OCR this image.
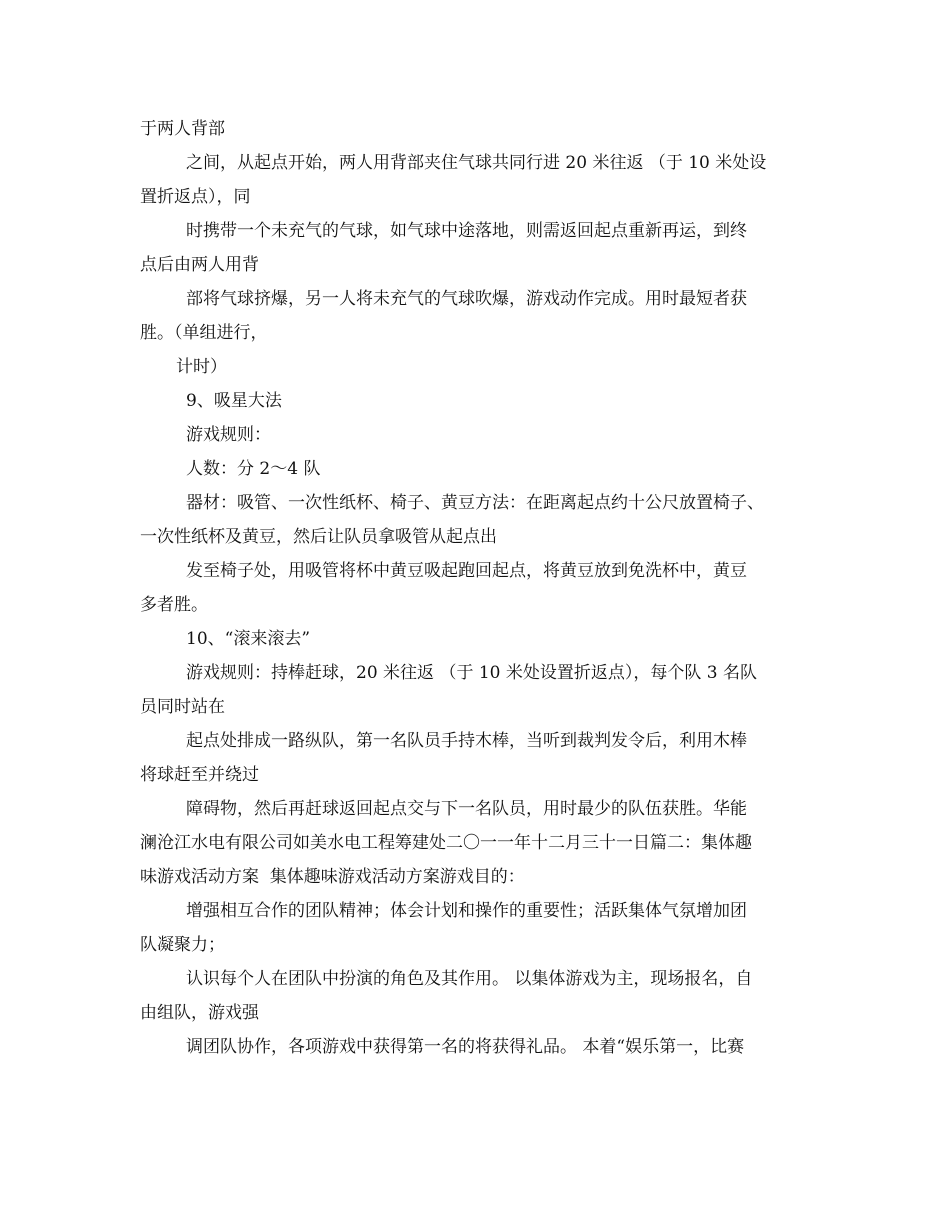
于两人背部
之间，从起点开始，两人用背部夹住气球共同行进 20 米往返 （于 10 米处设
置折返点），同
时携带一个未充气的气球，如气球中途落地，则需返回起点重新再运，到终
点后由两人用背
部将气球挤爆，另一人将未充气的气球吹爆，游戏动作完成。用时最短者获
胜。（单组进行，
计时）
9、吸星大法
游戏规则：
人数：分 2～4 队
器材：吸管、一次性纸杯、椅子、黄豆方法：在距离起点约十公尺放置椅子、
一次性纸杯及黄豆，然后让队员拿吸管从起点出
发至椅子处，用吸管将杯中黄豆吸起跑回起点，将黄豆放到免洗杯中，黄豆
多者胜。
10、“滚来滚去”
游戏规则：持棒赶球，20 米往返 （于 10 米处设置折返点），每个队 3 名队
员同时站在
起点处排成一路纵队，第一名队员手持木棒，当听到裁判发令后，利用木棒
将球赶至并绕过
障碍物，然后再赶球返回起点交与下一名队员，用时最少的队伍获胜。华能
澜沧江水电有限公司如美水电工程筹建处二〇一一年十二月三十一日篇二：集体趣
味游戏活动方案  集体趣味游戏活动方案游戏目的：
增强相互合作的团队精神；体会计划和操作的重要性；活跃集体气氛增加团
队凝聚力；
认识每个人在团队中扮演的角色及其作用。 以集体游戏为主，现场报名，自
由组队，游戏强
调团队协作，各项游戏中获得第一名的将获得礼品。 本着“娱乐第一，比赛
